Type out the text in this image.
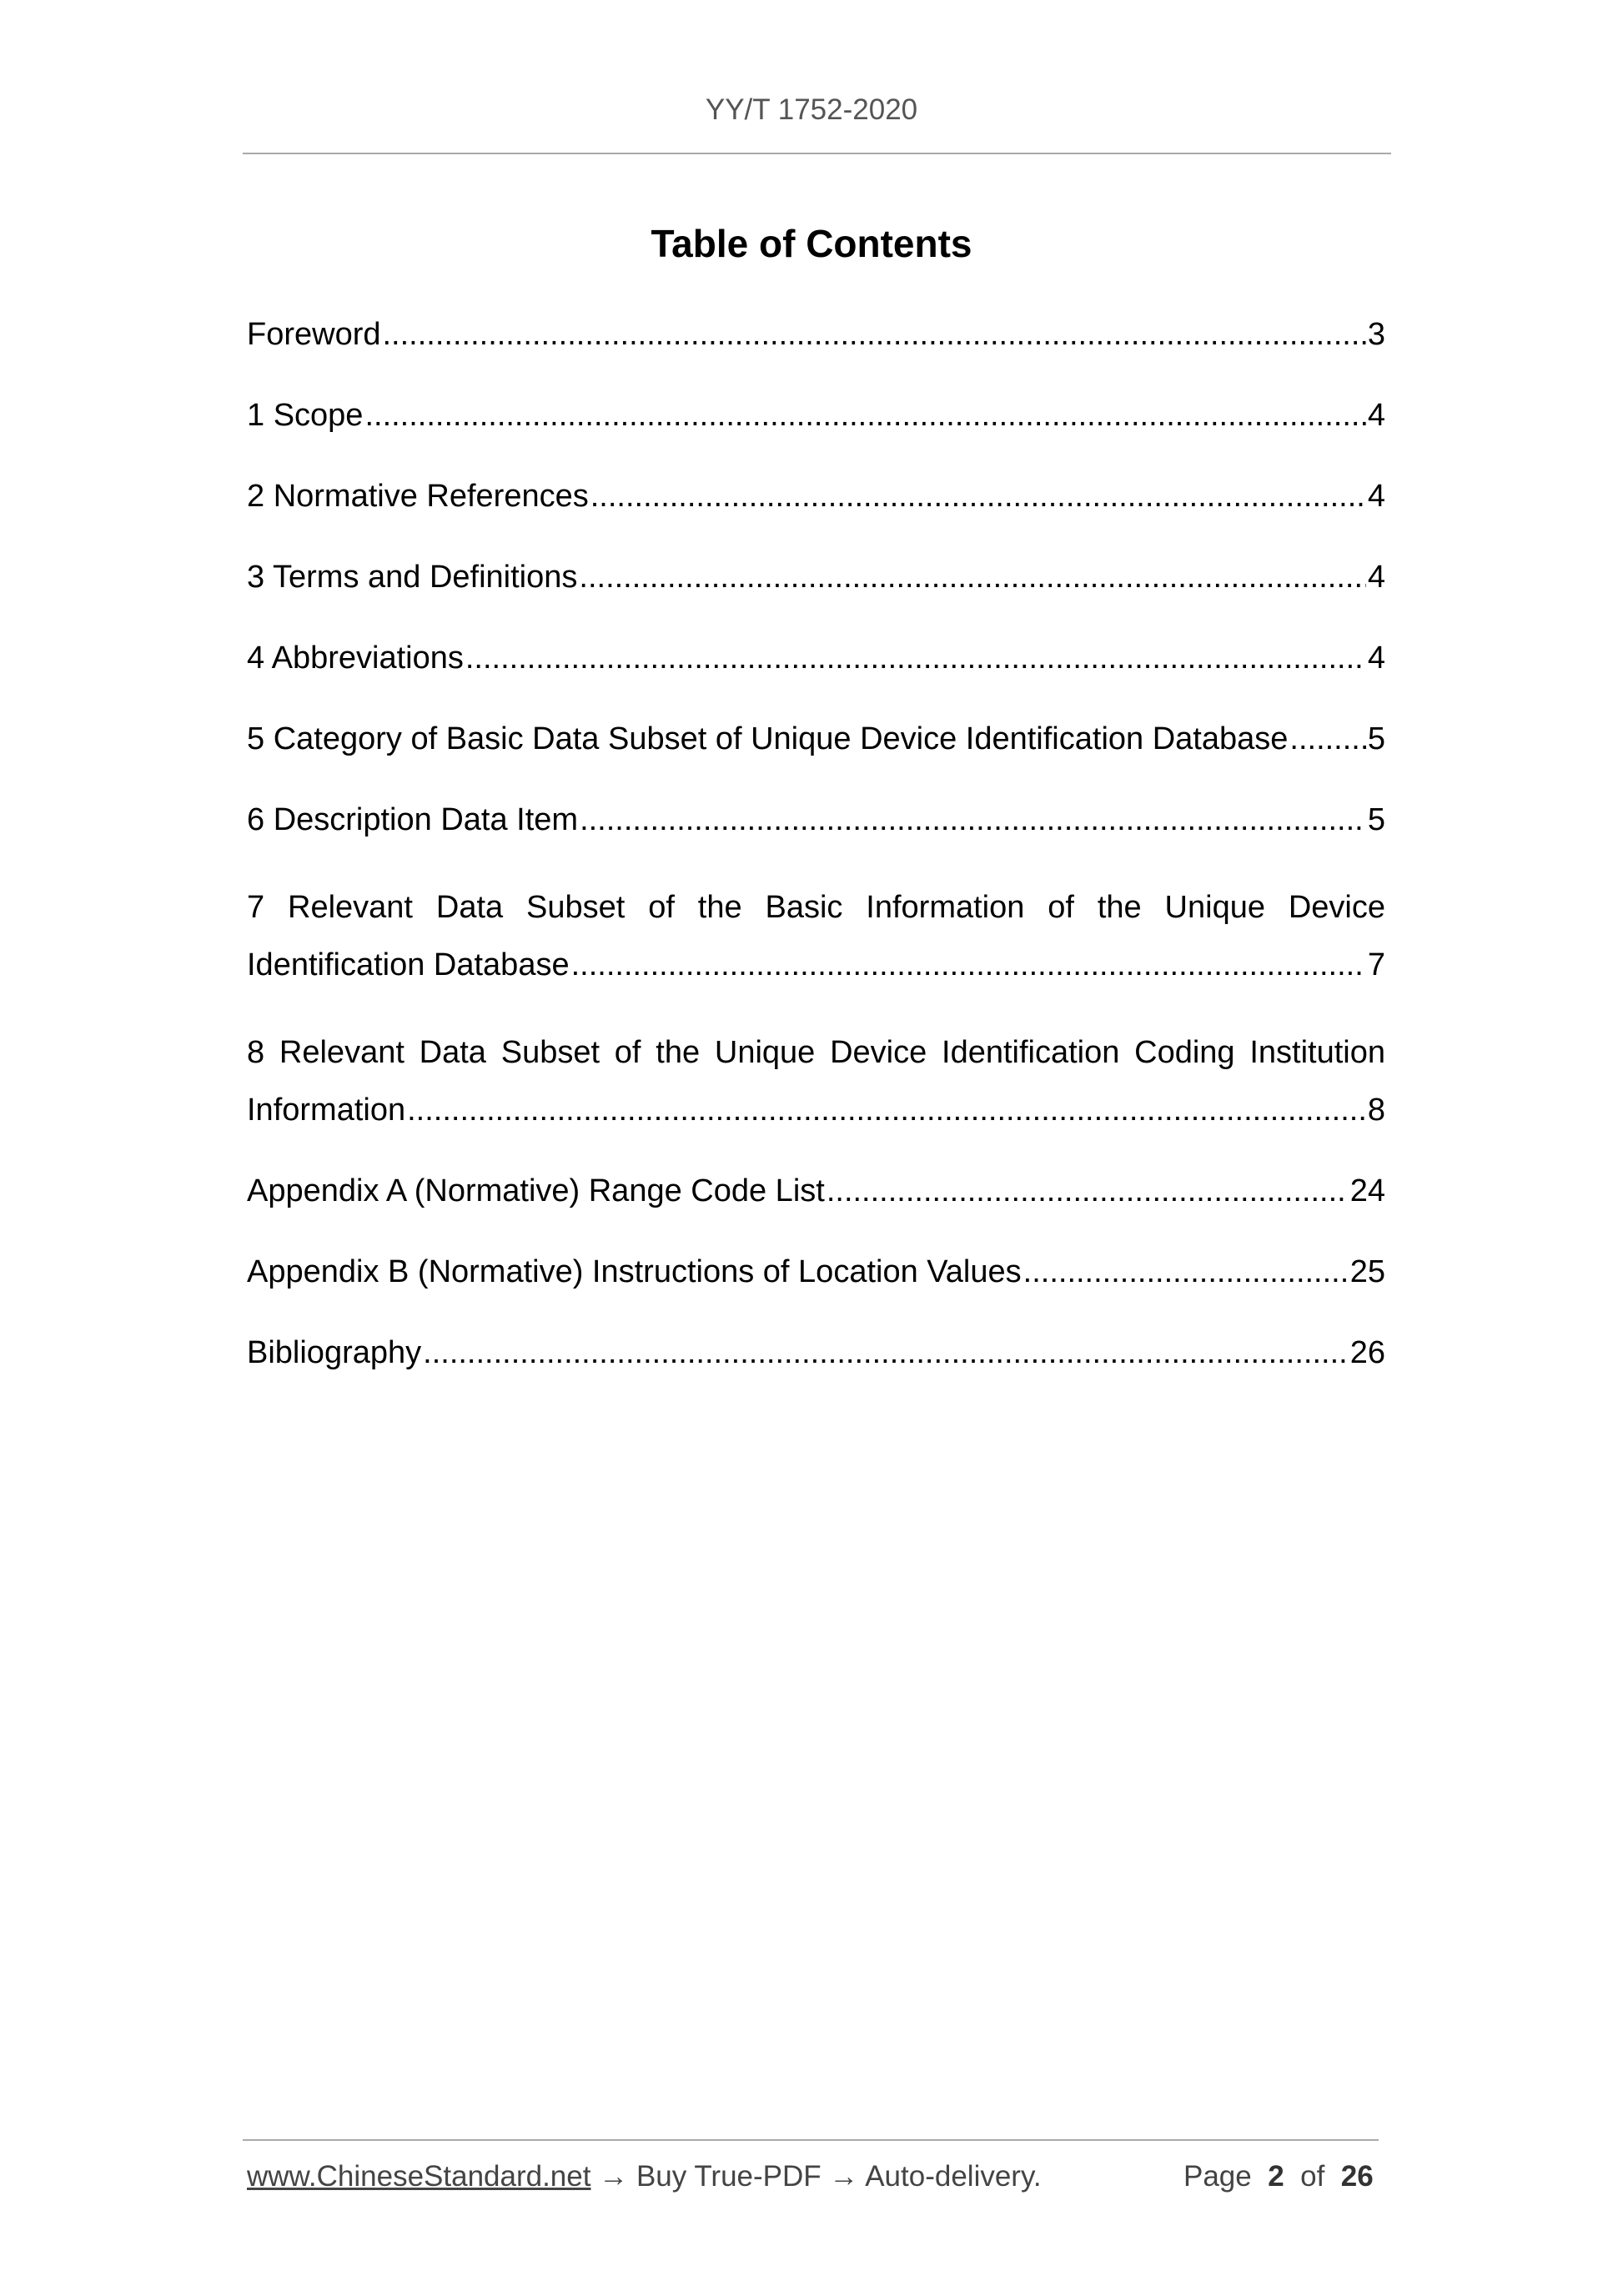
YY/T 1752-2020
Table of Contents
Foreword .....	3
1 Scope .....	4
2 Normative References .....	4
3 Terms and Definitions .....	4
4 Abbreviations .....	4
5 Category of Basic Data Subset of Unique Device Identification Database .....	5
6 Description Data Item .....	5
7 Relevant Data Subset of the Basic Information of the Unique Device
Identification Database .....	7
8 Relevant Data Subset of the Unique Device Identification Coding Institution
Information .....	8
Appendix A (Normative) Range Code List .....	24
Appendix B (Normative) Instructions of Location Values .....	25
Bibliography .....	26
www.ChineseStandard.net → Buy True-PDF → Auto-delivery.	Page 2 of 26
